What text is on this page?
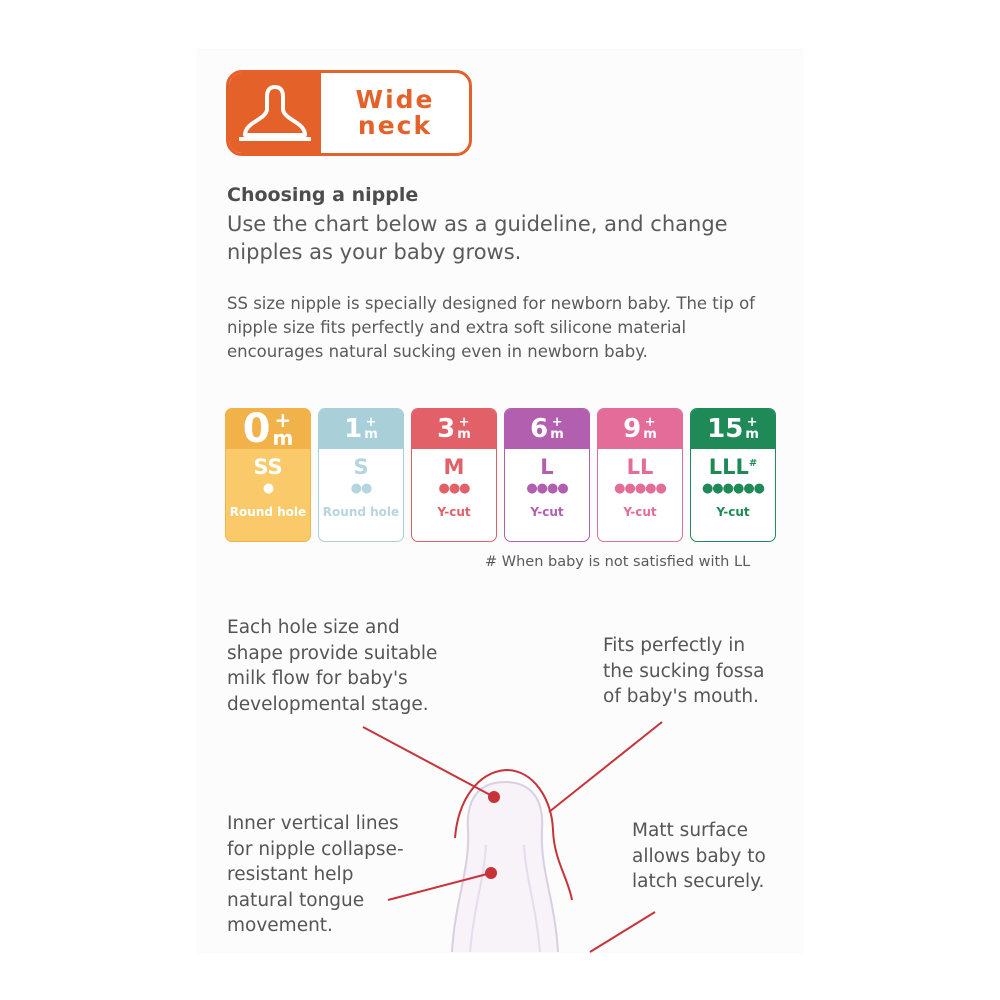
Wide
neck
Choosing a nipple
Use the chart below as a guideline, and change nipples as your baby grows.
SS size nipple is specially designed for newborn baby. The tip of nipple size fits perfectly and extra soft silicone material encourages natural sucking even in newborn baby.
0 +
m
SS
●
Round hole
1 +
m
S
●●
Round hole
3 +
m
M
●●●
Y-cut
6 +
m
L
●●●●
Y-cut
9 +
m
LL
●●●●●
Y-cut
15 +
m
LLL#
●●●●●●
Y-cut
# When baby is not satisfied with LL
Each hole size and
shape provide suitable
milk flow for baby's
developmental stage.
Fits perfectly in
the sucking fossa
of baby's mouth.
Inner vertical lines
for nipple collapse-
resistant help
natural tongue
movement.
Matt surface
allows baby to
latch securely.
